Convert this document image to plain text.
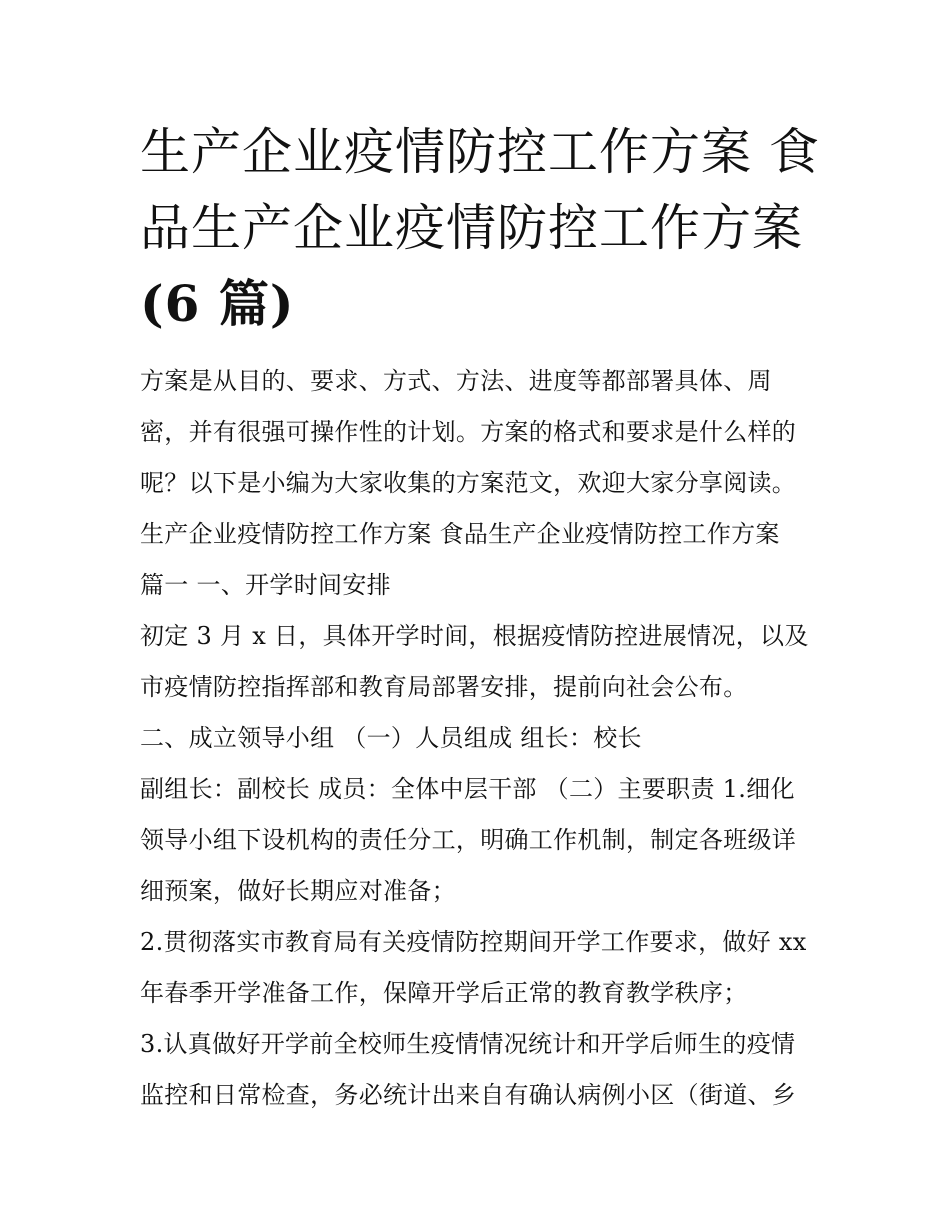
生产企业疫情防控工作方案 食
品生产企业疫情防控工作方案
(6 篇)
方案是从目的、要求、方式、方法、进度等都部署具体、周
密，并有很强可操作性的计划。方案的格式和要求是什么样的
呢？以下是小编为大家收集的方案范文，欢迎大家分享阅读。
生产企业疫情防控工作方案 食品生产企业疫情防控工作方案
篇一 一、开学时间安排
初定 3 月 x 日，具体开学时间，根据疫情防控进展情况，以及
市疫情防控指挥部和教育局部署安排，提前向社会公布。
二、成立领导小组 （一）人员组成 组长：校长
副组长：副校长 成员：全体中层干部 （二）主要职责 1.细化
领导小组下设机构的责任分工，明确工作机制，制定各班级详
细预案，做好长期应对准备；
2.贯彻落实市教育局有关疫情防控期间开学工作要求，做好 xx
年春季开学准备工作，保障开学后正常的教育教学秩序；
3.认真做好开学前全校师生疫情情况统计和开学后师生的疫情
监控和日常检查，务必统计出来自有确认病例小区（街道、乡
